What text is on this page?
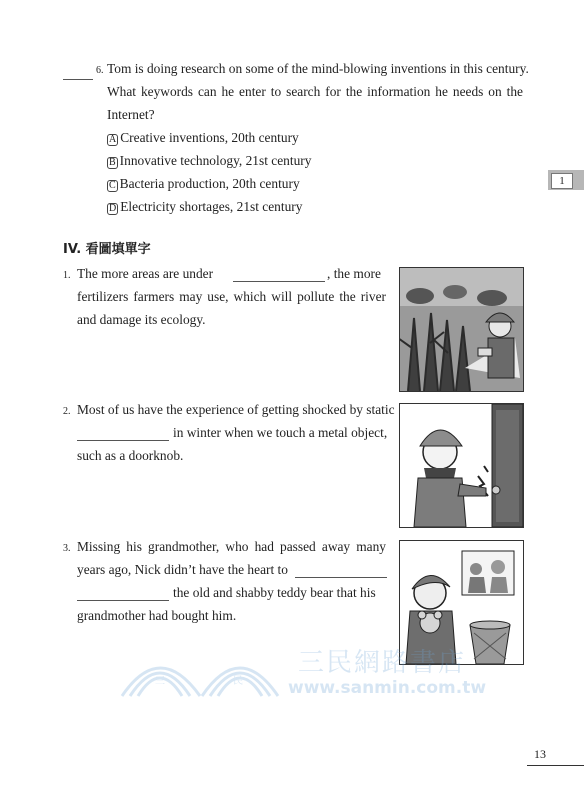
6. Tom is doing research on some of the mind-blowing inventions in this century.
What keywords can he enter to search for the information he needs on the
Internet?
A Creative inventions, 20th century
B Innovative technology, 21st century
C Bacteria production, 20th century
D Electricity shortages, 21st century
1
IV. 看圖填單字
1. The more areas are under	, the more
fertilizers farmers may use, which will pollute the river
and damage its ecology.
2. Most of us have the experience of getting shocked by static
in winter when we touch a metal object,
such as a doorknob.
3. Missing his grandmother, who had passed away many
years ago, Nick didn’t have the heart to
the old and shabby teddy bear that his
grandmother had bought him.
三	民
三民網路書店
www.sanmin.com.tw
13
